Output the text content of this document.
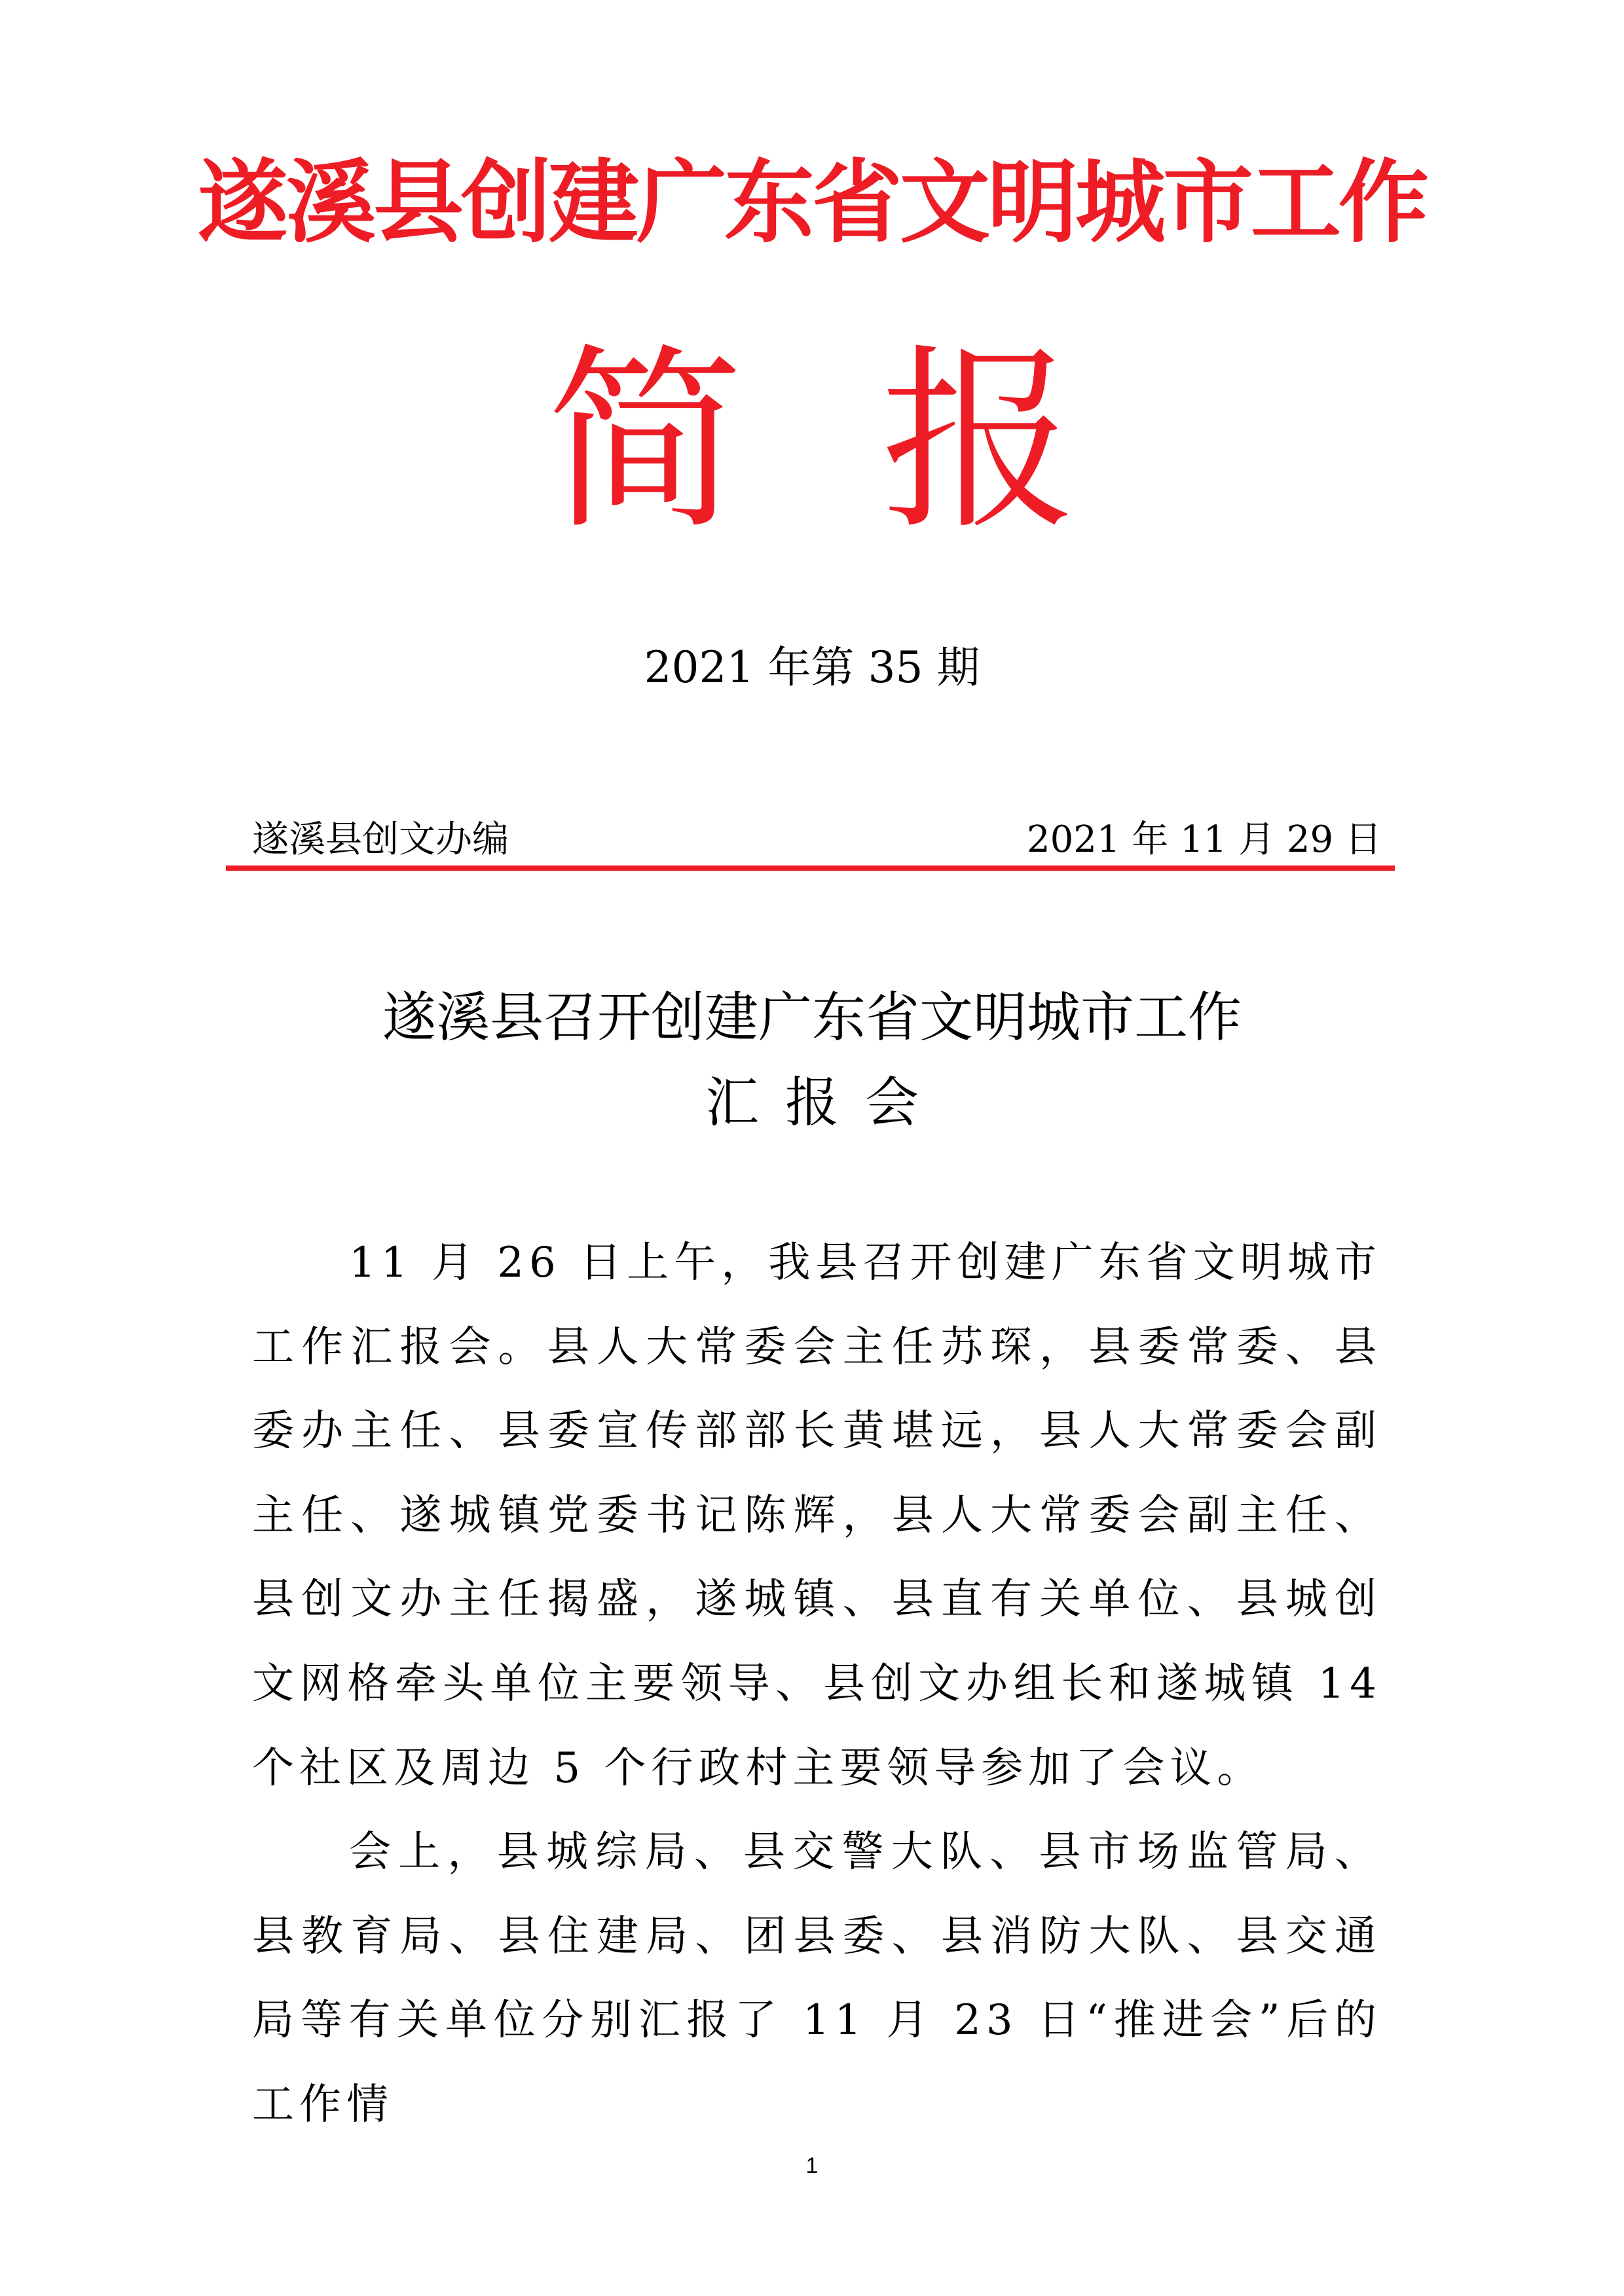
遂溪县创建广东省文明城市工作
简 报
2021 年第 35 期
遂溪县创文办编	2021 年 11 月 29 日
遂溪县召开创建广东省文明城市工作
汇报会

11 月 26 日上午，我县召开创建广东省文明城市工作汇报会。县人大常委会主任苏琛，县委常委、县委办主任、县委宣传部部长黄堪远，县人大常委会副主任、遂城镇党委书记陈辉，县人大常委会副主任、县创文办主任揭盛，遂城镇、县直有关单位、县城创文网格牵头单位主要领导、县创文办组长和遂城镇 14 个社区及周边 5 个行政村主要领导参加了会议。

会上，县城综局、县交警大队、县市场监管局、县教育局、县住建局、团县委、县消防大队、县交通局等有关单位分别汇报了 11 月 23 日“推进会”后的工作情

1
